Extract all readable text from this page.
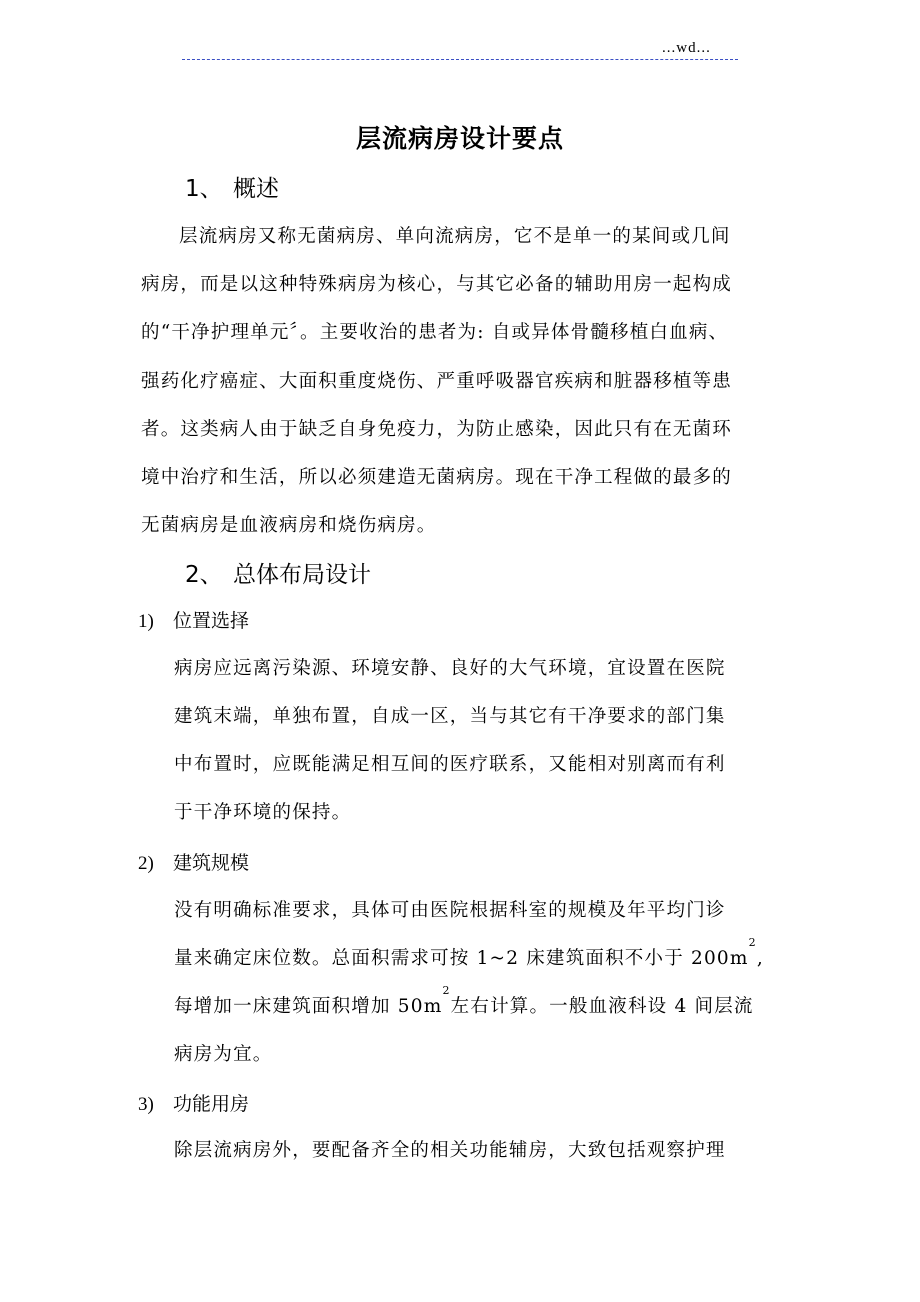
...wd...
层流病房设计要点
1、 概述
层流病房又称无菌病房、单向流病房，它不是单一的某间或几间
病房，而是以这种特殊病房为核心，与其它必备的辅助用房一起构成
的“干净护理单元〞。主要收治的患者为: 自或异体骨髓移植白血病、
强药化疗癌症、大面积重度烧伤、严重呼吸器官疾病和脏器移植等患
者。这类病人由于缺乏自身免疫力，为防止感染，因此只有在无菌环
境中治疗和生活，所以必须建造无菌病房。现在干净工程做的最多的
无菌病房是血液病房和烧伤病房。
2、 总体布局设计
1) 位置选择
病房应远离污染源、环境安静、良好的大气环境，宜设置在医院
建筑末端，单独布置，自成一区，当与其它有干净要求的部门集
中布置时，应既能满足相互间的医疗联系，又能相对别离而有利
于干净环境的保持。
2) 建筑规模
没有明确标准要求，具体可由医院根据科室的规模及年平均门诊
量来确定床位数。总面积需求可按 1~2 床建筑面积不小于 $200m^2$,
每增加一床建筑面积增加 $50m^2$左右计算。一般血液科设 4 间层流
病房为宜。
3) 功能用房
除层流病房外，要配备齐全的相关功能辅房，大致包括观察护理
